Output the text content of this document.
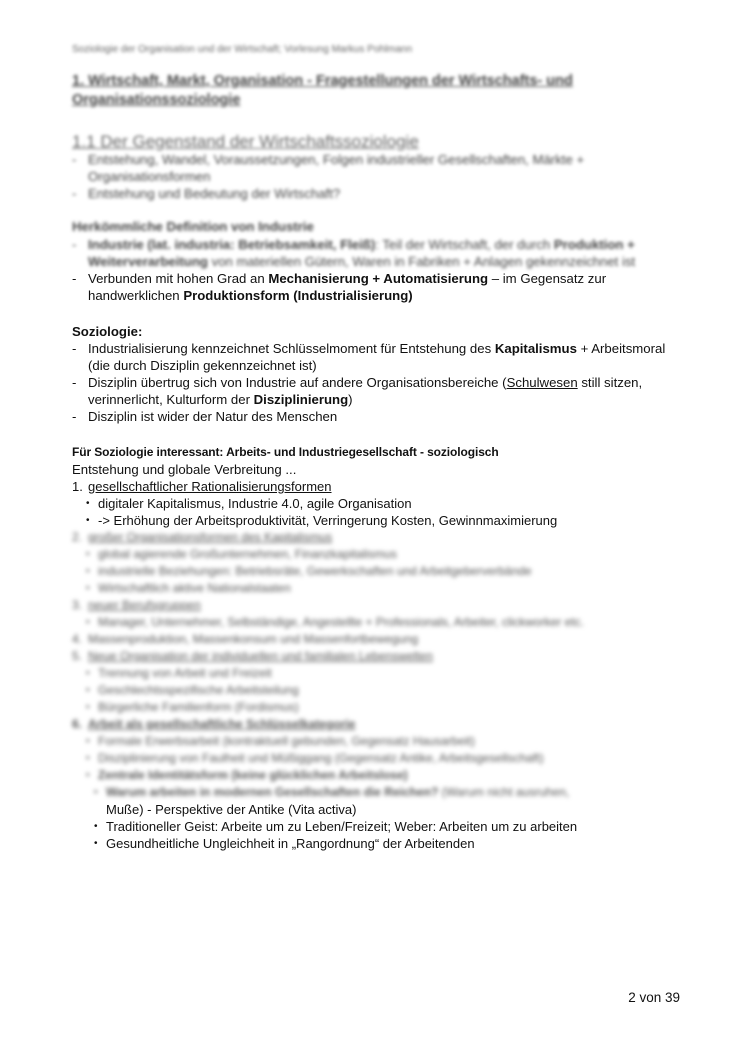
Soziologie der Organisation und der Wirtschaft; Vorlesung Markus Pohlmann
1. Wirtschaft, Markt, Organisation - Fragestellungen der Wirtschafts- und Organisationssoziologie
1.1 Der Gegenstand der Wirtschaftssoziologie
- Entstehung, Wandel, Voraussetzungen, Folgen industrieller Gesellschaften, Märkte + Organisationsformen
- Entstehung und Bedeutung der Wirtschaft?
Herkömmliche Definition von Industrie
- Industrie (lat. industria: Betriebsamkeit, Fleiß): Teil der Wirtschaft, der durch Produktion + Weiterverarbeitung von materiellen Gütern, Waren in Fabriken + Anlagen gekennzeichnet ist
- Verbunden mit hohen Grad an Mechanisierung + Automatisierung – im Gegensatz zur handwerklichen Produktionsform (Industrialisierung)
Soziologie:
- Industrialisierung kennzeichnet Schlüsselmoment für Entstehung des Kapitalismus + Arbeitsmoral (die durch Disziplin gekennzeichnet ist)
- Disziplin übertrug sich von Industrie auf andere Organisationsbereiche (Schulwesen still sitzen, verinnerlicht, Kulturform der Disziplinierung)
- Disziplin ist wider der Natur des Menschen
Für Soziologie interessant: Arbeits- und Industriegesellschaft - soziologisch
Entstehung und globale Verbreitung ...
1. gesellschaftlicher Rationalisierungsformen
• digitaler Kapitalismus, Industrie 4.0, agile Organisation
• -> Erhöhung der Arbeitsproduktivität, Verringerung Kosten, Gewinnmaximierung
2. großer Organisationsformen des Kapitalismus
• global agierende Großunternehmen, Finanzkapitalismus
• industrielle Beziehungen: Betriebsräte, Gewerkschaften und Arbeitgeberverbände
• Wirtschaftlich aktive Nationalstaaten
3. neuer Berufsgruppen
• Manager, Unternehmer, Selbständige, Angestellte + Professionals, Arbeiter, clickworker etc.
4. Massenproduktion, Massenkonsum und Massenfortbewegung
5. Neue Organisation der individuellen und familialen Lebenswelten
• Trennung von Arbeit und Freizeit
• Geschlechtsspezifische Arbeitsteilung
• Bürgerliche Familienform (Fordismus)
6. Arbeit als gesellschaftliche Schlüsselkategorie
• Formale Erwerbsarbeit (kontraktuell gebunden, Gegensatz Hausarbeit)
• Disziplinierung von Faulheit und Müßiggang (Gegensatz Antike, Arbeitsgesellschaft)
• Zentrale Identitätsform (keine glücklichen Arbeitslose)
• Warum arbeiten in modernen Gesellschaften die Reichen? (Warum nicht ausruhen,
Muße) - Perspektive der Antike (Vita activa)
• Traditioneller Geist: Arbeite um zu Leben/Freizeit; Weber: Arbeiten um zu arbeiten
• Gesundheitliche Ungleichheit in „Rangordnung“ der Arbeitenden
2 von 39
